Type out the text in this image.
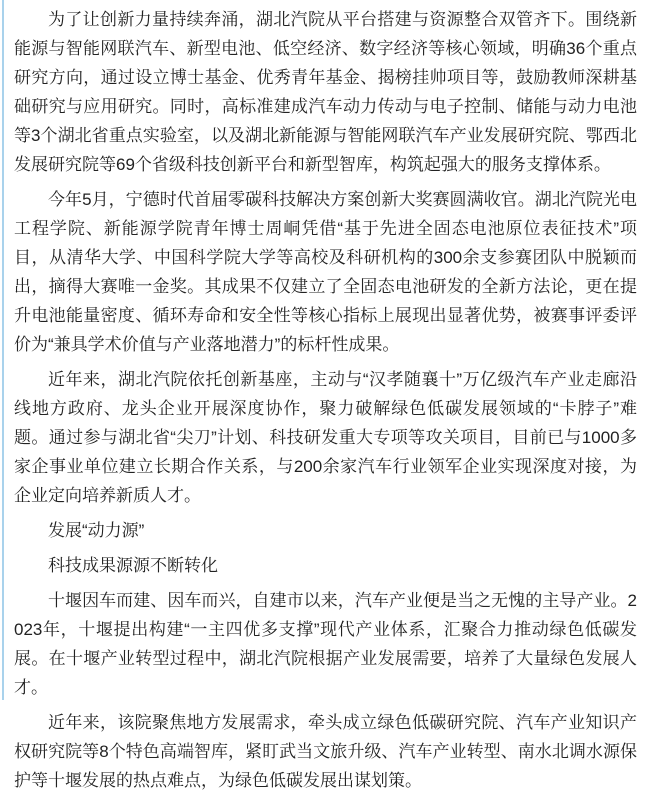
为了让创新力量持续奔涌，湖北汽院从平台搭建与资源整合双管齐下。围绕新能源与智能网联汽车、新型电池、低空经济、数字经济等核心领域，明确36个重点研究方向，通过设立博士基金、优秀青年基金、揭榜挂帅项目等，鼓励教师深耕基础研究与应用研究。同时，高标准建成汽车动力传动与电子控制、储能与动力电池等3个湖北省重点实验室，以及湖北新能源与智能网联汽车产业发展研究院、鄂西北发展研究院等69个省级科技创新平台和新型智库，构筑起强大的服务支撑体系。

今年5月，宁德时代首届零碳科技解决方案创新大奖赛圆满收官。湖北汽院光电工程学院、新能源学院青年博士周峒凭借“基于先进全固态电池原位表征技术”项目，从清华大学、中国科学院大学等高校及科研机构的300余支参赛团队中脱颖而出，摘得大赛唯一金奖。其成果不仅建立了全固态电池研发的全新方法论，更在提升电池能量密度、循环寿命和安全性等核心指标上展现出显著优势，被赛事评委评价为“兼具学术价值与产业落地潜力”的标杆性成果。

近年来，湖北汽院依托创新基座，主动与“汉孝随襄十”万亿级汽车产业走廊沿线地方政府、龙头企业开展深度协作，聚力破解绿色低碳发展领域的“卡脖子”难题。通过参与湖北省“尖刀”计划、科技研发重大专项等攻关项目，目前已与1000多家企事业单位建立长期合作关系，与200余家汽车行业领军企业实现深度对接，为企业定向培养新质人才。

发展“动力源”

科技成果源源不断转化

十堰因车而建、因车而兴，自建市以来，汽车产业便是当之无愧的主导产业。2023年，十堰提出构建“一主四优多支撑”现代产业体系，汇聚合力推动绿色低碳发展。在十堰产业转型过程中，湖北汽院根据产业发展需要，培养了大量绿色发展人才。

近年来，该院聚焦地方发展需求，牵头成立绿色低碳研究院、汽车产业知识产权研究院等8个特色高端智库，紧盯武当文旅升级、汽车产业转型、南水北调水源保护等十堰发展的热点难点，为绿色低碳发展出谋划策。
